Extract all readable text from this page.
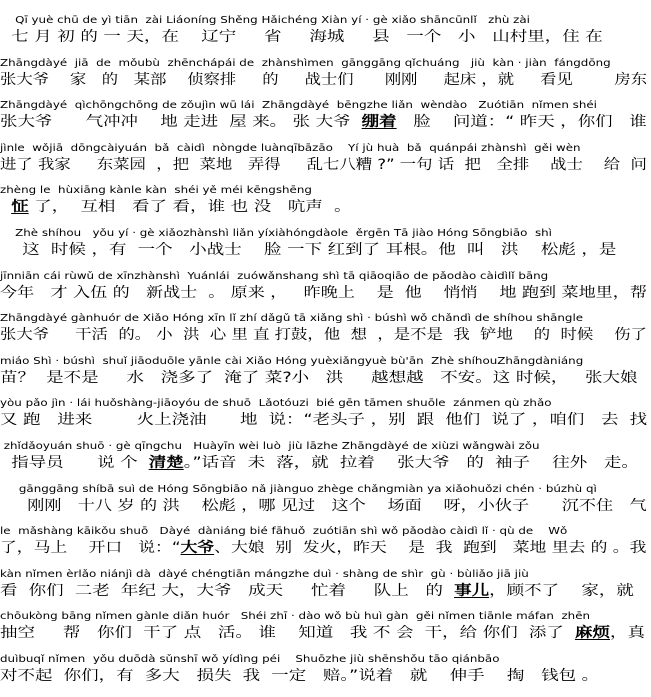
Qī yuè chū de yì tiān  zài Liáoníng Shěng Hǎichéng Xiàn yí · gè xiǎo shāncūnlǐ   zhù zài
七 月 初 的 一 天，在    辽宁     省     海城     县   一个   小   山村里，住 在
Zhāngdàyé  jiā  de  mǒubù  zhēnchápái de  zhànshìmen  gānggāng qǐchuáng   jiù  kàn · jiàn  fángdōng
张大爷    家   的   某部    侦察排     的     战士们      刚刚     起床 ，就     看见        房东
Zhāngdàyé  qìchōngchōng de zǒujìn wū lái  Zhāngdàyé  bēngzhe liǎn  wèndào   Zuótiān  nǐmen shéi
张大爷      气冲冲    地 走进  屋 来。 张 大爷  绷着   脸    问道：“ 昨天 ，你们   谁
jìnle  wǒjiā  dōngcàiyuán  bǎ  càidì  nòngde luànqībāzāo    Yí jù huà  bǎ  quánpái zhànshì  gěi wèn
进了 我家     东菜园  ，把  菜地   弄得     乱七八糟 ?” 一句 话  把   全排    战士    给  问
zhèng le  hùxiāng kànle kàn  shéi yě méi kēngshēng
怔 了，  互相   看了 看，谁 也 没   吭声  。
Zhè shíhou   yǒu yí · gè xiǎozhànshì liǎn yíxiàhóngdàole  ěrgēn Tā jiào Hóng Sōngbiāo  shì
这  时候 ，有  一个   小战士    脸 一下 红到了 耳根。他  叫   洪    松彪 ，是
jīnniān cái rùwǔ de xīnzhànshì  Yuánlái  zuówǎnshang shì tā qiāoqiāo de pǎodào càidìlǐ bāng
今年   才 入伍 的   新战士  。 原来 ，   昨晚上    是  他    悄悄    地 跑到 菜地里，帮
Zhāngdàyé gànhuór de Xiǎo Hóng xīn lǐ zhí dǎgǔ tā xiǎng shì · búshì wǒ chǎndì de shíhou shāngle
张大爷     干活  的。 小  洪  心 里 直 打鼓，他  想  ，是不是  我  铲地    的  时候    伤了
miáo Shì · búshì  shuǐ jiāoduōle yānle cài Xiǎo Hóng yuèxiǎngyuè bù'ān  Zhè shíhouZhāngdàniáng
苗？  是不是     水   浇多了  淹了 菜?小   洪     越想越   不安。这 时候，   张大娘
yòu pǎo jìn · lái huǒshàng-jiāoyóu de shuō  Lǎotóuzi  bié gēn tāmen shuōle  zánmen qù zhǎo
又 跑   进来        火上浇油      地  说：“老头子 ，别  跟  他们  说了 ，咱们   去  找
zhǐdǎoyuán shuō · gè qīngchu   Huàyīn wèi luò  jiù lāzhe Zhāngdàyé de xiùzi wǎngwài zǒu
指导员      说 个  清楚。”话音  未  落，就  拉着    张大爷   的  袖子    往外   走。
gānggāng shíbā suì de Hóng Sōngbiāo nǎ jiànguo zhège chǎngmiàn ya xiǎohuǒzi chén · búzhù qì
刚刚   十八 岁 的 洪    松彪 ，哪 见过   这个    场面    呀，小伙子      沉不住   气
le  mǎshàng kāikǒu shuō   Dàyé  dàniáng bié fāhuǒ  zuótiān shì wǒ pǎodào càidì lǐ · qù de    Wǒ
了，马上    开口   说：“大爷、大娘  别  发火，昨天    是  我  跑到   菜地 里去 的 。我
kàn nǐmen èrlǎo niánjì dà  dàyé chéngtiān mángzhe duì · shàng de shìr  gù · bùliǎo jiā jiù
看  你们  二老  年纪 大，大爷   成天     忙着     队上   的  事儿，顾不了    家，就
chōukòng bāng nǐmen gànle diǎn huór   Shéi zhī · dào wǒ bù huì gàn  gěi nǐmen tiānle máfan  zhēn
抽空     帮   你们  干了 点   活。 谁    知道   我 不 会  干，给 你们  添了  麻烦，真
duìbuqǐ nǐmen  yǒu duōdà sǔnshī wǒ yídìng péi    Shuōzhe jiù shēnshǒu tāo qiánbāo
对不起  你们，有  多大   损失  我  一定   赔。”说着   就    伸手    掏   钱包 。
